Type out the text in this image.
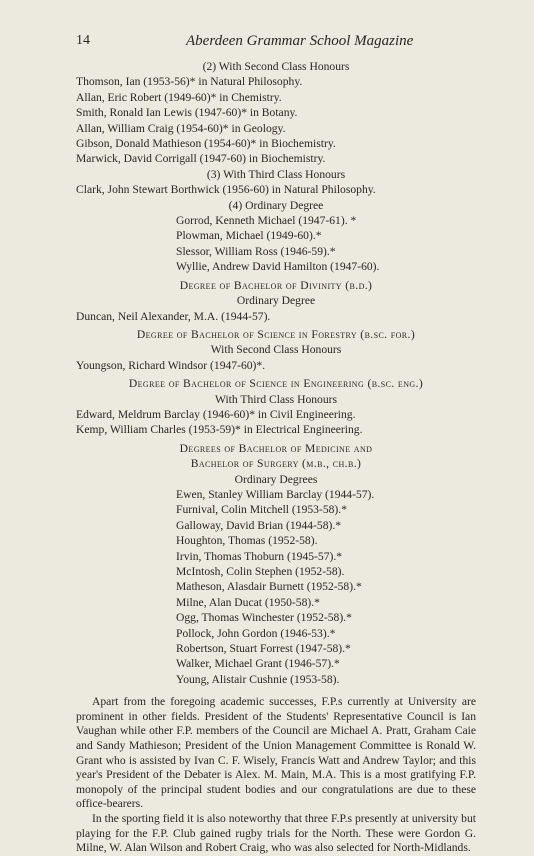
14	Aberdeen Grammar School Magazine
(2) With Second Class Honours
Thomson, Ian (1953-56)* in Natural Philosophy.
Allan, Eric Robert (1949-60)* in Chemistry.
Smith, Ronald Ian Lewis (1947-60)* in Botany.
Allan, William Craig (1954-60)* in Geology.
Gibson, Donald Mathieson (1954-60)* in Biochemistry.
Marwick, David Corrigall (1947-60) in Biochemistry.
(3) With Third Class Honours
Clark, John Stewart Borthwick (1956-60) in Natural Philosophy.
(4) Ordinary Degree
Gorrod, Kenneth Michael (1947-61). *
Plowman, Michael (1949-60).*
Slessor, William Ross (1946-59).*
Wyllie, Andrew David Hamilton (1947-60).
Degree of Bachelor of Divinity (b.d.)
Ordinary Degree
Duncan, Neil Alexander, M.A. (1944-57).
Degree of Bachelor of Science in Forestry (b.sc. for.)
With Second Class Honours
Youngson, Richard Windsor (1947-60)*.
Degree of Bachelor of Science in Engineering (b.sc. eng.)
With Third Class Honours
Edward, Meldrum Barclay (1946-60)* in Civil Engineering.
Kemp, William Charles (1953-59)* in Electrical Engineering.
Degrees of Bachelor of Medicine and
Bachelor of Surgery (m.b., ch.b.)
Ordinary Degrees
Ewen, Stanley William Barclay (1944-57).
Furnival, Colin Mitchell (1953-58).*
Galloway, David Brian (1944-58).*
Houghton, Thomas (1952-58).
Irvin, Thomas Thoburn (1945-57).*
McIntosh, Colin Stephen (1952-58).
Matheson, Alasdair Burnett (1952-58).*
Milne, Alan Ducat (1950-58).*
Ogg, Thomas Winchester (1952-58).*
Pollock, John Gordon (1946-53).*
Robertson, Stuart Forrest (1947-58).*
Walker, Michael Grant (1946-57).*
Young, Alistair Cushnie (1953-58).
Apart from the foregoing academic successes, F.P.s currently at University are prominent in other fields. President of the Students' Representative Council is Ian Vaughan while other F.P. members of the Council are Michael A. Pratt, Graham Caie and Sandy Mathieson; President of the Union Management Committee is Ronald W. Grant who is assisted by Ivan C. F. Wisely, Francis Watt and Andrew Taylor; and this year's President of the Debater is Alex. M. Main, M.A. This is a most gratifying F.P. monopoly of the principal student bodies and our congratulations are due to these office-bearers.
In the sporting field it is also noteworthy that three F.P.s presently at university but playing for the F.P. Club gained rugby trials for the North. These were Gordon G. Milne, W. Alan Wilson and Robert Craig, who was also selected for North-Midlands.
